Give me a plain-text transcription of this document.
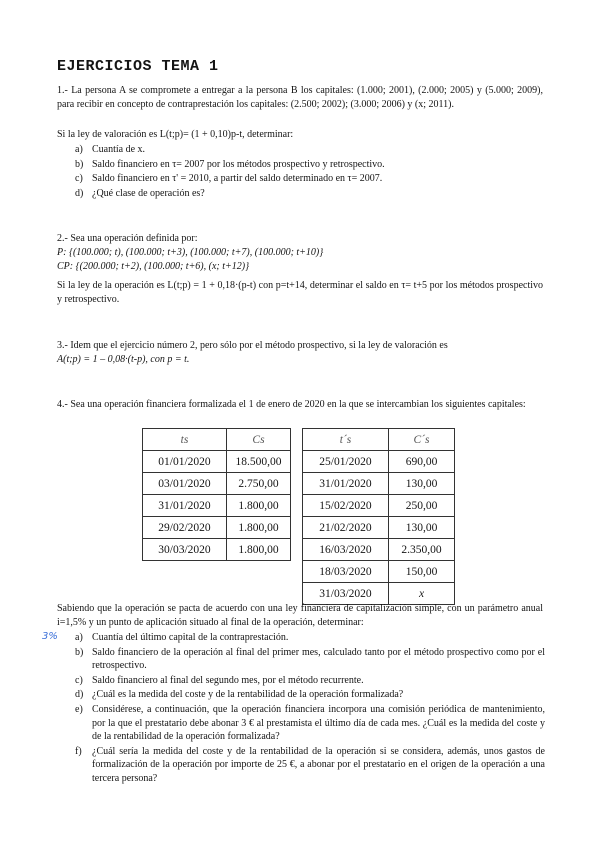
EJERCICIOS TEMA 1
1.- La persona A se compromete a entregar a la persona B los capitales: (1.000; 2001), (2.000; 2005) y (5.000; 2009), para recibir en concepto de contraprestación los capitales: (2.500; 2002); (3.000; 2006) y (x; 2011).
Si la ley de valoración es L(t;p)= (1 + 0,10)p-t, determinar:
a) Cuantía de x.
b) Saldo financiero en τ= 2007 por los métodos prospectivo y retrospectivo.
c) Saldo financiero en τ' = 2010, a partir del saldo determinado en τ= 2007.
d) ¿Qué clase de operación es?
2.- Sea una operación definida por:
P: {(100.000; t), (100.000; t+3), (100.000; t+7), (100.000; t+10)}
CP: {(200.000; t+2), (100.000; t+6), (x; t+12)}
Si la ley de la operación es L(t;p) = 1 + 0,18·(p-t) con p=t+14, determinar el saldo en τ= t+5 por los métodos prospectivo y retrospectivo.
3.- Idem que el ejercicio número 2, pero sólo por el método prospectivo, si la ley de valoración es
A(t;p) = 1 – 0,08·(t-p), con p = t.
4.- Sea una operación financiera formalizada el 1 de enero de 2020 en la que se intercambian los siguientes capitales:
ts	Cs
01/01/2020	18.500,00
03/01/2020	2.750,00
31/01/2020	1.800,00
29/02/2020	1.800,00
30/03/2020	1.800,00
t´s	C´s
25/01/2020	690,00
31/01/2020	130,00
15/02/2020	250,00
21/02/2020	130,00
16/03/2020	2.350,00
18/03/2020	150,00
31/03/2020	x
Sabiendo que la operación se pacta de acuerdo con una ley financiera de capitalización simple, con un parámetro anual i=1,5% y un punto de aplicación situado al final de la operación, determinar:
3% a) Cuantía del último capital de la contraprestación.
b) Saldo financiero de la operación al final del primer mes, calculado tanto por el método prospectivo como por el retrospectivo.
c) Saldo financiero al final del segundo mes, por el método recurrente.
d) ¿Cuál es la medida del coste y de la rentabilidad de la operación formalizada?
e) Considérese, a continuación, que la operación financiera incorpora una comisión periódica de mantenimiento, por la que el prestatario debe abonar 3 € al prestamista el último día de cada mes. ¿Cuál es la medida del coste y de la rentabilidad de la operación formalizada?
f)	¿Cuál sería la medida del coste y de la rentabilidad de la operación si se considera, además, unos gastos de formalización de la operación por importe de 25 €, a abonar por el prestatario en el origen de la operación a una tercera persona?
